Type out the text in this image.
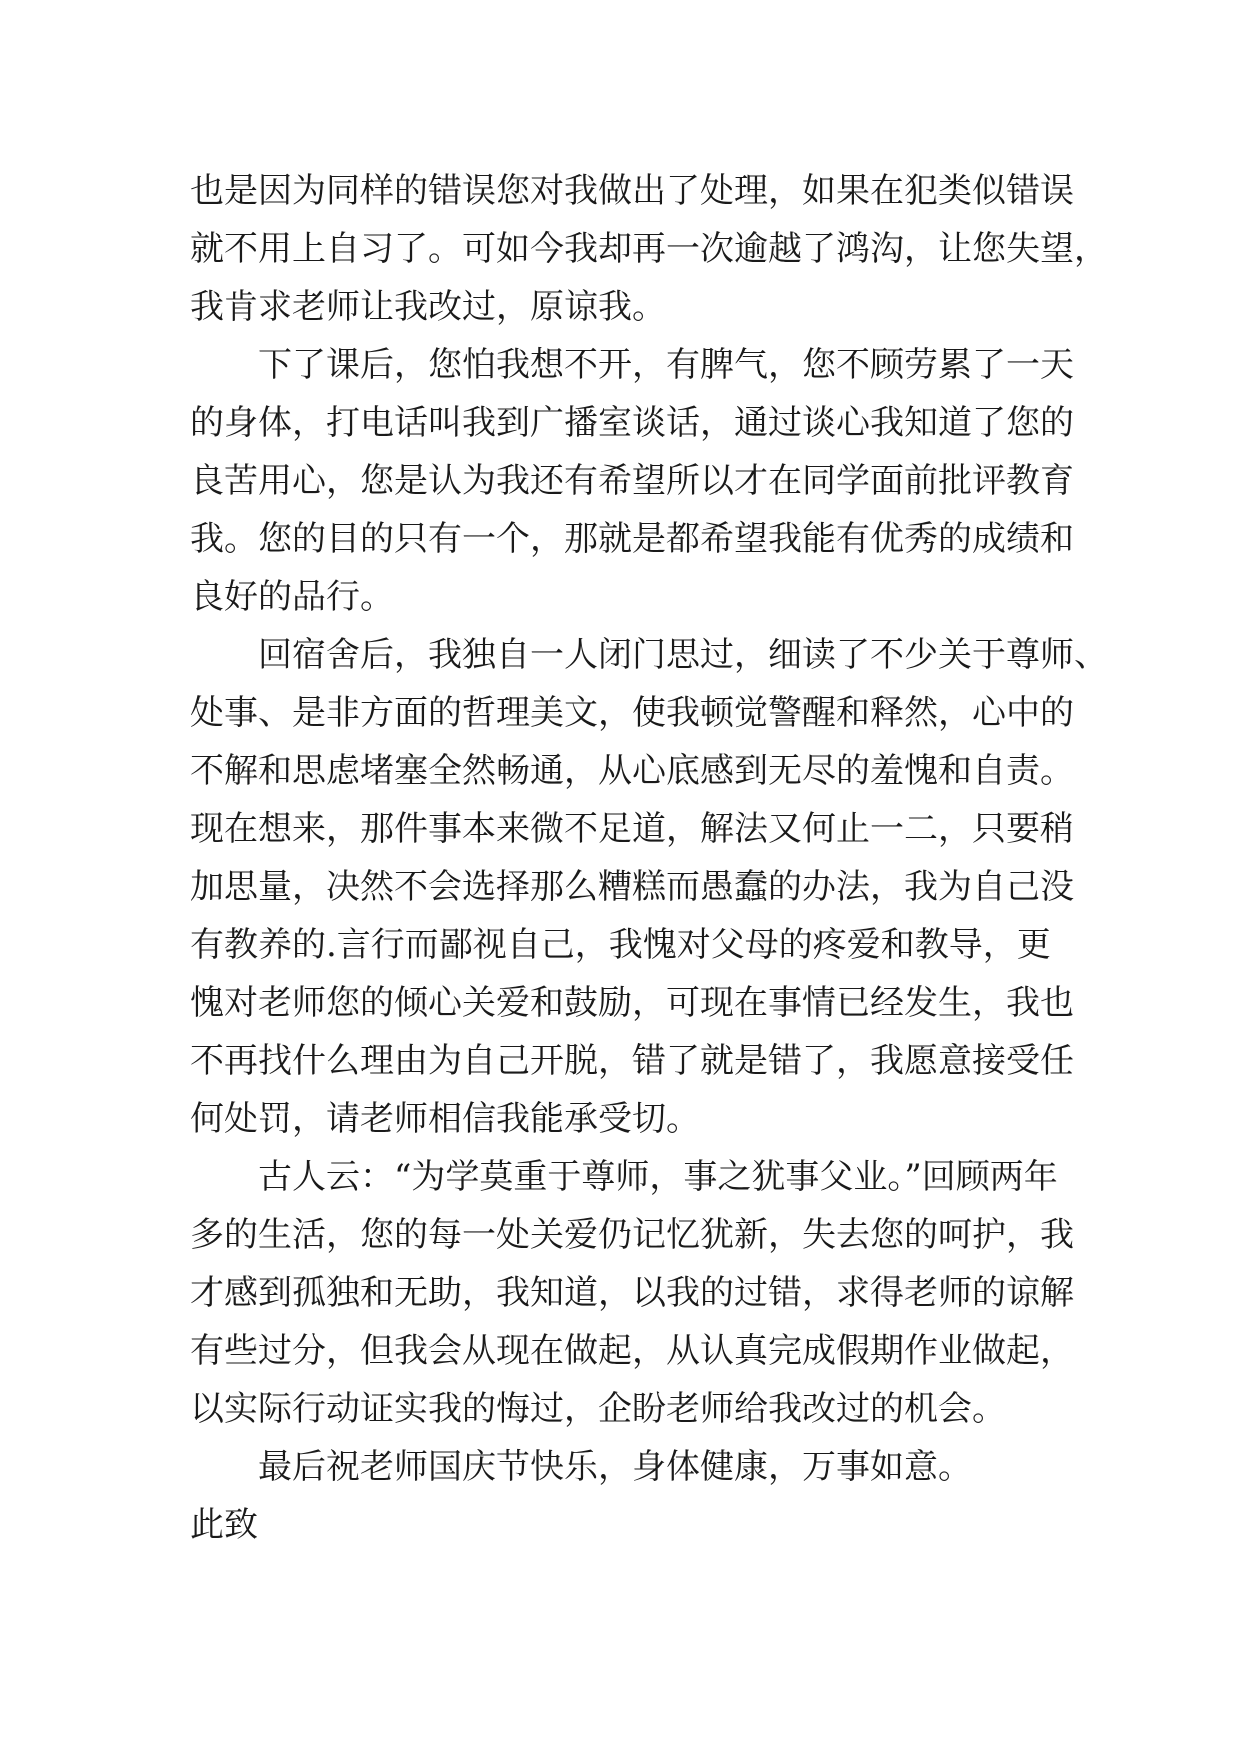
也是因为同样的错误您对我做出了处理，如果在犯类似错误
就不用上自习了。可如今我却再一次逾越了鸿沟，让您失望，
我肯求老师让我改过，原谅我。
下了课后，您怕我想不开，有脾气，您不顾劳累了一天
的身体，打电话叫我到广播室谈话，通过谈心我知道了您的
良苦用心，您是认为我还有希望所以才在同学面前批评教育
我。您的目的只有一个，那就是都希望我能有优秀的成绩和
良好的品行。
回宿舍后，我独自一人闭门思过，细读了不少关于尊师、
处事、是非方面的哲理美文，使我顿觉警醒和释然，心中的
不解和思虑堵塞全然畅通，从心底感到无尽的羞愧和自责。
现在想来，那件事本来微不足道，解法又何止一二，只要稍
加思量，决然不会选择那么糟糕而愚蠢的办法，我为自己没
有教养的.言行而鄙视自己，我愧对父母的疼爱和教导，更
愧对老师您的倾心关爱和鼓励，可现在事情已经发生，我也
不再找什么理由为自己开脱，错了就是错了，我愿意接受任
何处罚，请老师相信我能承受切。
古人云：“为学莫重于尊师，事之犹事父业。”回顾两年
多的生活，您的每一处关爱仍记忆犹新，失去您的呵护，我
才感到孤独和无助，我知道，以我的过错，求得老师的谅解
有些过分，但我会从现在做起，从认真完成假期作业做起，
以实际行动证实我的悔过，企盼老师给我改过的机会。
最后祝老师国庆节快乐，身体健康，万事如意。
此致
